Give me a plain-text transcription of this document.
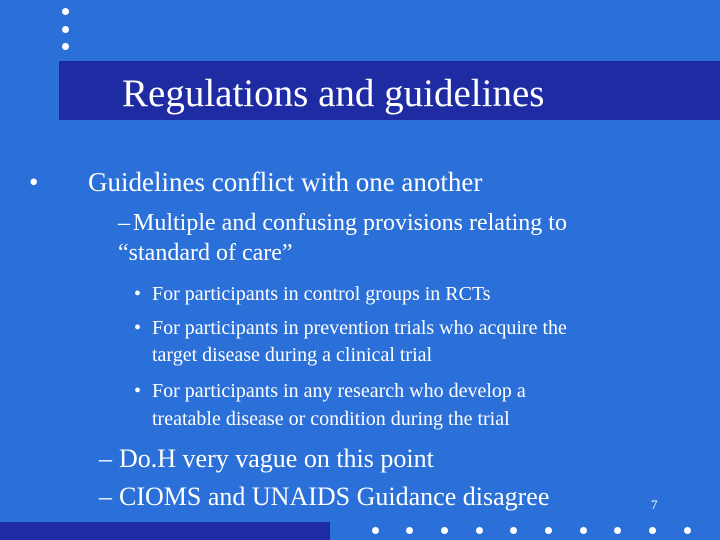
Regulations and guidelines
• Guidelines conflict with one another
– Multiple and confusing provisions relating to
“standard of care”
• For participants in control groups in RCTs
• For participants in prevention trials who acquire the
target disease during a clinical trial
• For participants in any research who develop a
treatable disease or condition during the trial
– Do.H very vague on this point
– CIOMS and UNAIDS Guidance disagree	7
